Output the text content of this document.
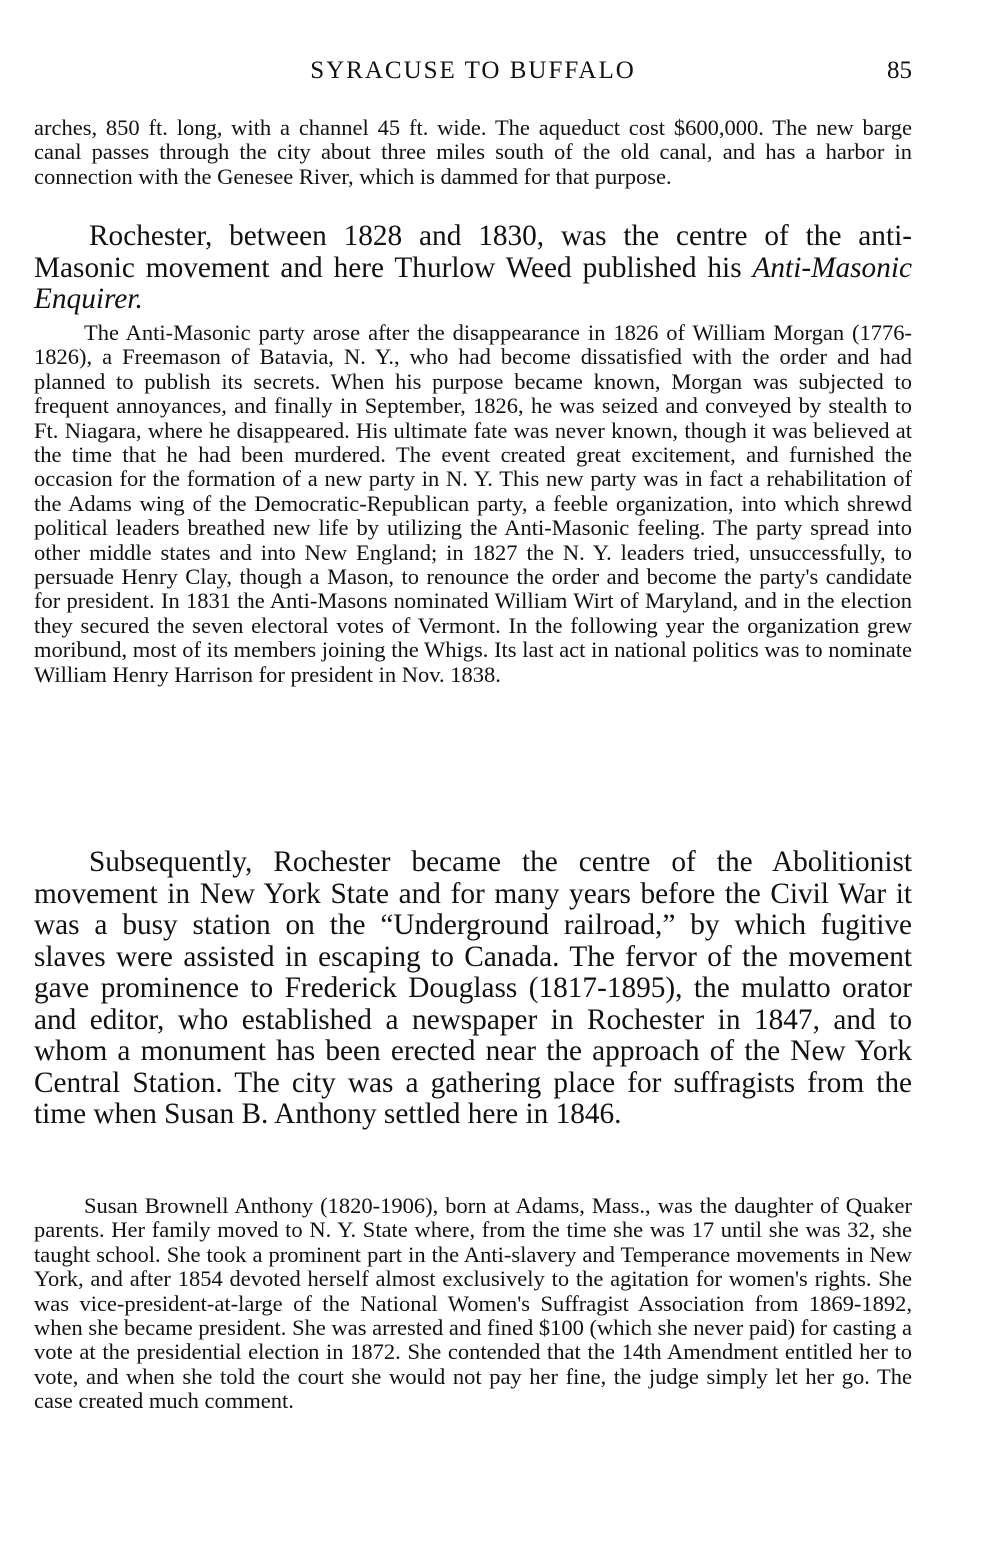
SYRACUSE TO BUFFALO	85

arches, 850 ft. long, with a channel 45 ft. wide. The aqueduct cost $600,000. The new barge canal passes through the city about three miles south of the old canal, and has a harbor in connection with the Genesee River, which is dammed for that purpose.

Rochester, between 1828 and 1830, was the centre of the anti-Masonic movement and here Thurlow Weed published his Anti-Masonic Enquirer.

The Anti-Masonic party arose after the disappearance in 1826 of William Morgan (1776-1826), a Freemason of Batavia, N. Y., who had become dissatisfied with the order and had planned to publish its secrets. When his purpose became known, Morgan was subjected to frequent annoyances, and finally in September, 1826, he was seized and conveyed by stealth to Ft. Niagara, where he disappeared. His ultimate fate was never known, though it was believed at the time that he had been murdered. The event created great excitement, and furnished the occasion for the formation of a new party in N. Y. This new party was in fact a rehabilitation of the Adams wing of the Democratic-Republican party, a feeble organization, into which shrewd political leaders breathed new life by utilizing the Anti-Masonic feeling. The party spread into other middle states and into New England; in 1827 the N. Y. leaders tried, unsuccessfully, to persuade Henry Clay, though a Mason, to renounce the order and become the party's candidate for president. In 1831 the Anti-Masons nominated William Wirt of Maryland, and in the election they secured the seven electoral votes of Vermont. In the following year the organization grew moribund, most of its members joining the Whigs. Its last act in national politics was to nominate William Henry Harrison for president in Nov. 1838.

Subsequently, Rochester became the centre of the Abolitionist movement in New York State and for many years before the Civil War it was a busy station on the “Underground railroad,” by which fugitive slaves were assisted in escaping to Canada. The fervor of the movement gave prominence to Frederick Douglass (1817-1895), the mulatto orator and editor, who established a newspaper in Rochester in 1847, and to whom a monument has been erected near the approach of the New York Central Station. The city was a gathering place for suffragists from the time when Susan B. Anthony settled here in 1846.

Susan Brownell Anthony (1820-1906), born at Adams, Mass., was the daughter of Quaker parents. Her family moved to N. Y. State where, from the time she was 17 until she was 32, she taught school. She took a prominent part in the Anti-slavery and Temperance movements in New York, and after 1854 devoted herself almost exclusively to the agitation for women's rights. She was vice-president-at-large of the National Women's Suffragist Association from 1869-1892, when she became president. She was arrested and fined $100 (which she never paid) for casting a vote at the presidential election in 1872. She contended that the 14th Amendment entitled her to vote, and when she told the court she would not pay her fine, the judge simply let her go. The case created much comment.
